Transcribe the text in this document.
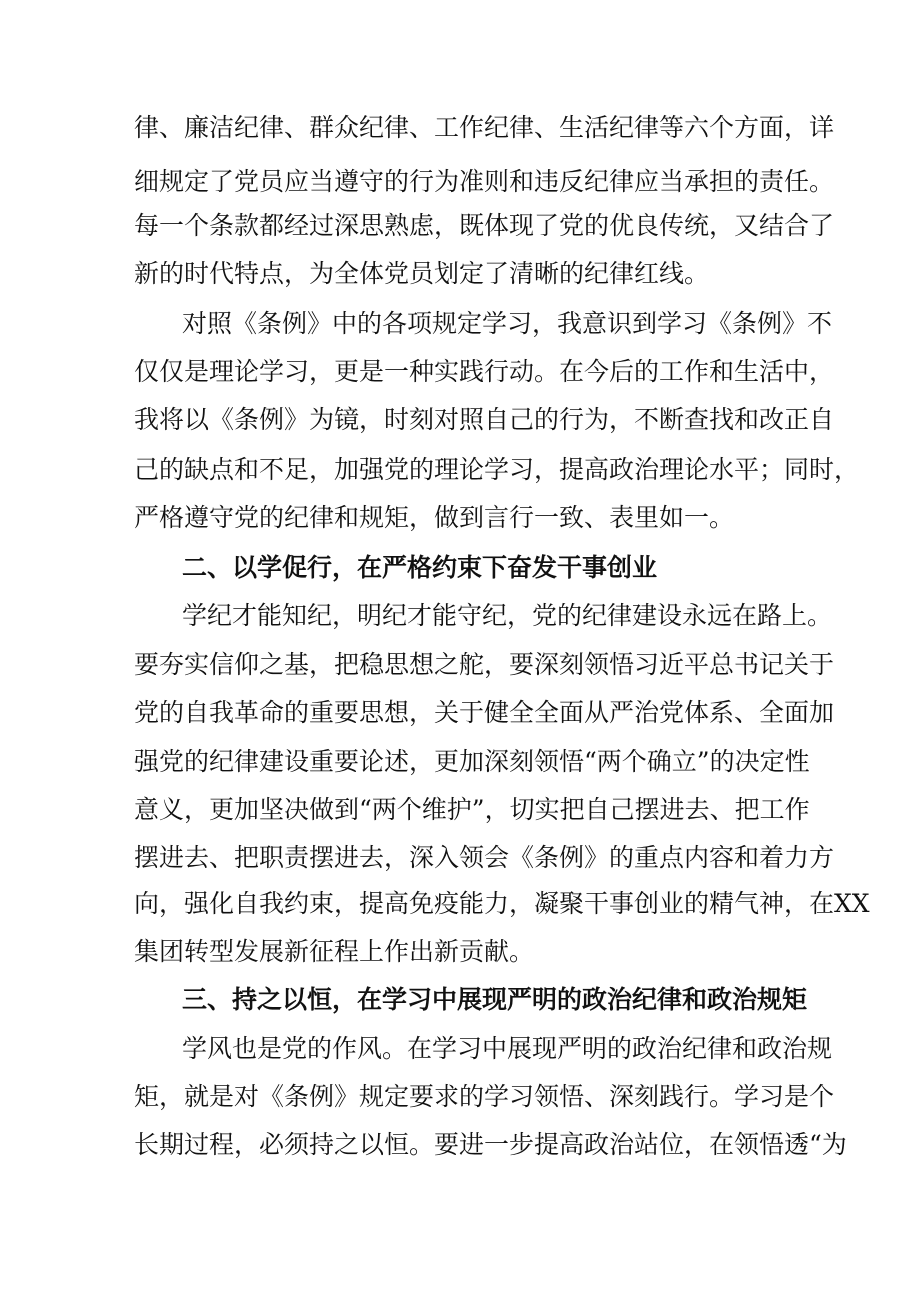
律、廉洁纪律、群众纪律、工作纪律、生活纪律等六个方面，详

细规定了党员应当遵守的行为准则和违反纪律应当承担的责任。

每一个条款都经过深思熟虑，既体现了党的优良传统，又结合了

新的时代特点，为全体党员划定了清晰的纪律红线。

对照《条例》中的各项规定学习，我意识到学习《条例》不

仅仅是理论学习，更是一种实践行动。在今后的工作和生活中，

我将以《条例》为镜，时刻对照自己的行为，不断查找和改正自

己的缺点和不足，加强党的理论学习，提高政治理论水平；同时，

严格遵守党的纪律和规矩，做到言行一致、表里如一。

二、以学促行，在严格约束下奋发干事创业

学纪才能知纪，明纪才能守纪，党的纪律建设永远在路上。

要夯实信仰之基，把稳思想之舵，要深刻领悟习近平总书记关于

党的自我革命的重要思想，关于健全全面从严治党体系、全面加

强党的纪律建设重要论述，更加深刻领悟“两个确立”的决定性

意义，更加坚决做到“两个维护”，切实把自己摆进去、把工作

摆进去、把职责摆进去，深入领会《条例》的重点内容和着力方

向，强化自我约束，提高免疫能力，凝聚干事创业的精气神，在XX

集团转型发展新征程上作出新贡献。

三、持之以恒，在学习中展现严明的政治纪律和政治规矩

学风也是党的作风。在学习中展现严明的政治纪律和政治规

矩，就是对《条例》规定要求的学习领悟、深刻践行。学习是个

长期过程，必须持之以恒。要进一步提高政治站位，在领悟透“为
